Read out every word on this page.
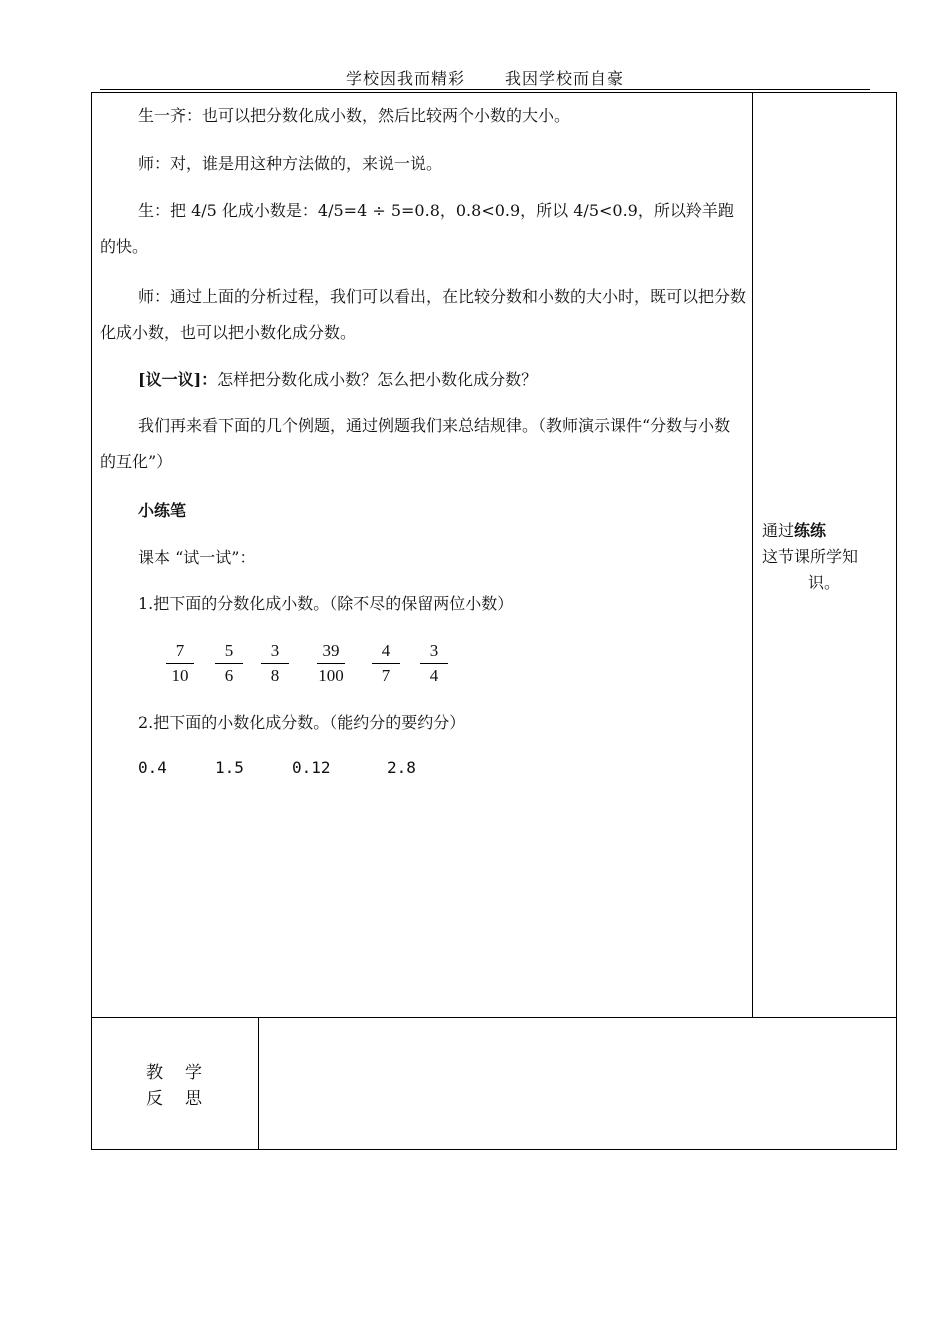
学校因我而精彩	我因学校而自豪
生一齐：也可以把分数化成小数，然后比较两个小数的大小。
师：对，谁是用这种方法做的，来说一说。
生：把 4/5 化成小数是：4/5=4 ÷ 5=0.8，0.8<0.9，所以 4/5<0.9，所以羚羊跑的快。
师：通过上面的分析过程，我们可以看出，在比较分数和小数的大小时，既可以把分数化成小数，也可以把小数化成分数。
[议一议]：怎样把分数化成小数？怎么把小数化成分数？
我们再来看下面的几个例题，通过例题我们来总结规律。（教师演示课件“分数与小数的互化”）
小练笔
课本 “试一试”：
1.把下面的分数化成小数。（除不尽的保留两位小数）
7
10
5
6
3
8
39
100
4
7
3
4
2.把下面的小数化成分数。（能约分的要约分）
0.4	1.5	0.12	2.8
通过练练
这节课所学知

识。
教学
反思
